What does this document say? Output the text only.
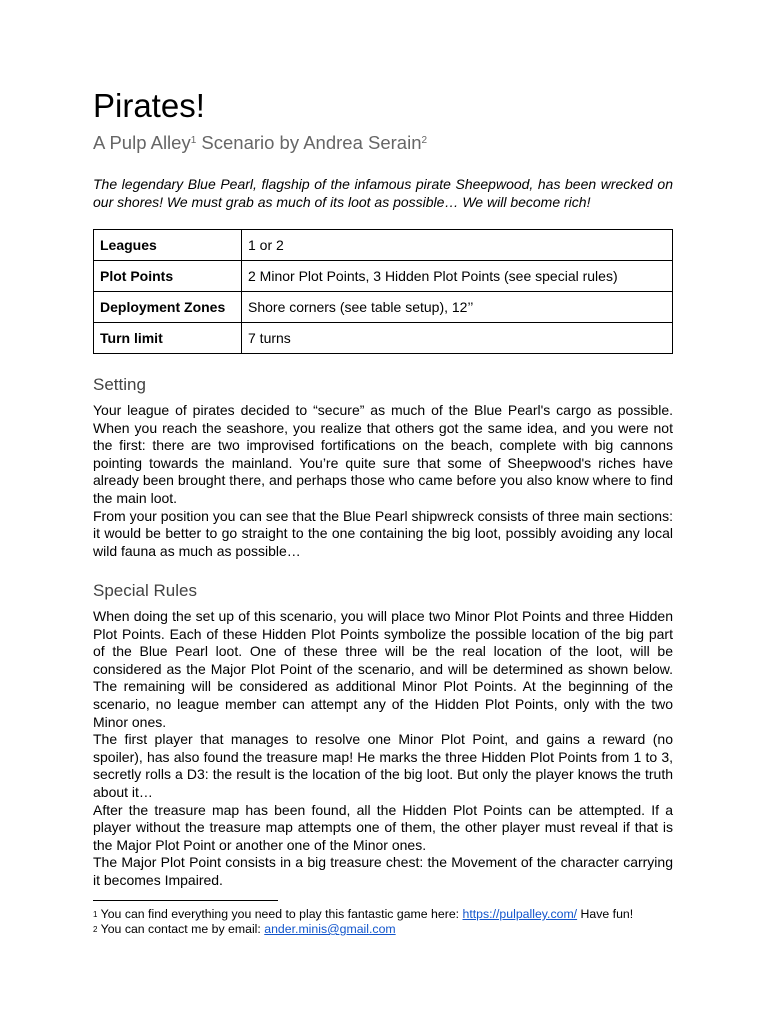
Pirates!
A Pulp Alley$^1$ Scenario by Andrea Serain$^2$

The legendary Blue Pearl, flagship of the infamous pirate Sheepwood, has been wrecked on our shores! We must grab as much of its loot as possible… We will become rich!

Leagues	1 or 2
Plot Points	2 Minor Plot Points, 3 Hidden Plot Points (see special rules)
Deployment Zones	Shore corners (see table setup), 12’’
Turn limit	7 turns
Setting

Your league of pirates decided to “secure” as much of the Blue Pearl's cargo as possible. When you reach the seashore, you realize that others got the same idea, and you were not the first: there are two improvised fortifications on the beach, complete with big cannons pointing towards the mainland. You’re quite sure that some of Sheepwood's riches have already been brought there, and perhaps those who came before you also know where to find the main loot.

From your position you can see that the Blue Pearl shipwreck consists of three main sections: it would be better to go straight to the one containing the big loot, possibly avoiding any local wild fauna as much as possible…

Special Rules

When doing the set up of this scenario, you will place two Minor Plot Points and three Hidden Plot Points. Each of these Hidden Plot Points symbolize the possible location of the big part of the Blue Pearl loot. One of these three will be the real location of the loot, will be considered as the Major Plot Point of the scenario, and will be determined as shown below. The remaining will be considered as additional Minor Plot Points. At the beginning of the scenario, no league member can attempt any of the Hidden Plot Points, only with the two Minor ones.

The first player that manages to resolve one Minor Plot Point, and gains a reward (no spoiler), has also found the treasure map! He marks the three Hidden Plot Points from 1 to 3, secretly rolls a D3: the result is the location of the big loot. But only the player knows the truth about it…

After the treasure map has been found, all the Hidden Plot Points can be attempted. If a player without the treasure map attempts one of them, the other player must reveal if that is the Major Plot Point or another one of the Minor ones.

The Major Plot Point consists in a big treasure chest: the Movement of the character carrying it becomes Impaired.

$^1$ You can find everything you need to play this fantastic game here: https://pulpalley.com/ Have fun!
$^2$ You can contact me by email: ander.minis@gmail.com
